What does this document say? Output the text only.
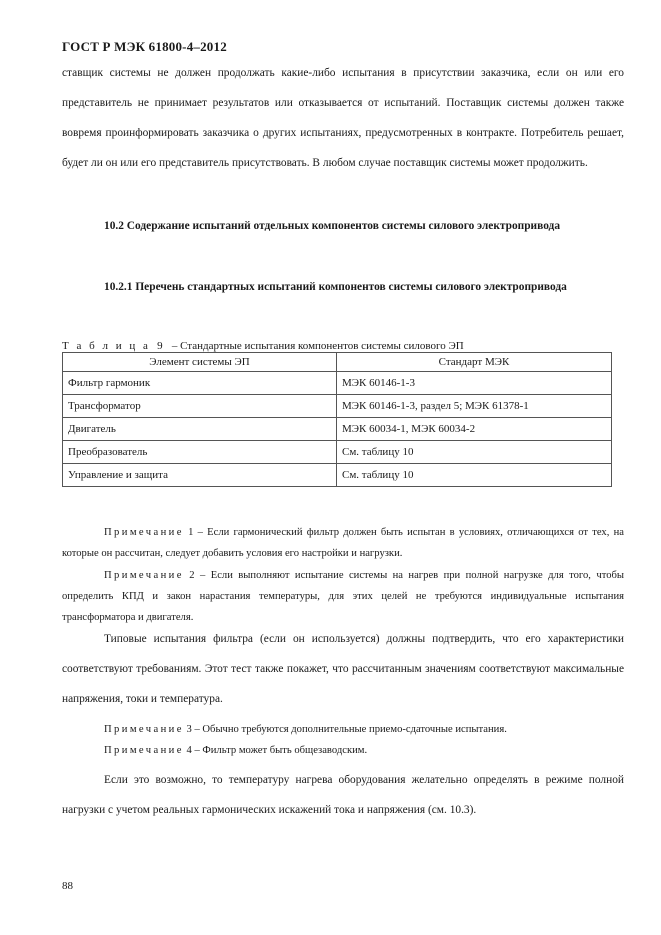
ГОСТ Р МЭК 61800-4–2012
ставщик системы не должен продолжать какие-либо испытания в присутствии заказчика, если он или его представитель не принимает результатов или отказывается от испытаний. Поставщик системы должен также вовремя проинформировать заказчика о других испытаниях, предусмотренных в контракте. Потребитель решает, будет ли он или его представитель присутствовать. В любом случае поставщик системы может продолжить.
10.2 Содержание испытаний отдельных компонентов системы силового электропривода
10.2.1 Перечень стандартных испытаний компонентов системы силового электропривода
Т а б л и ц а 9 – Стандартные испытания компонентов системы силового ЭП
Элемент системы ЭП	Стандарт МЭК
Фильтр гармоник	МЭК 60146-1-3
Трансформатор	МЭК 60146-1-3, раздел 5; МЭК 61378-1
Двигатель	МЭК 60034-1, МЭК 60034-2
Преобразователь	См. таблицу 10
Управление и защита	См. таблицу 10
Примечание 1 – Если гармонический фильтр должен быть испытан в условиях, отличающихся от тех, на которые он рассчитан, следует добавить условия его настройки и нагрузки.
Примечание 2 – Если выполняют испытание системы на нагрев при полной нагрузке для того, чтобы определить КПД и закон нарастания температуры, для этих целей не требуются индивидуальные испытания трансформатора и двигателя.
Типовые испытания фильтра (если он используется) должны подтвердить, что его характеристики соответствуют требованиям. Этот тест также покажет, что рассчитанным значениям соответствуют максимальные напряжения, токи и температура.
Примечание 3 – Обычно требуются дополнительные приемо-сдаточные испытания.
Примечание 4 – Фильтр может быть общезаводским.
Если это возможно, то температуру нагрева оборудования желательно определять в режиме полной нагрузки с учетом реальных гармонических искажений тока и напряжения (см. 10.3).
88
